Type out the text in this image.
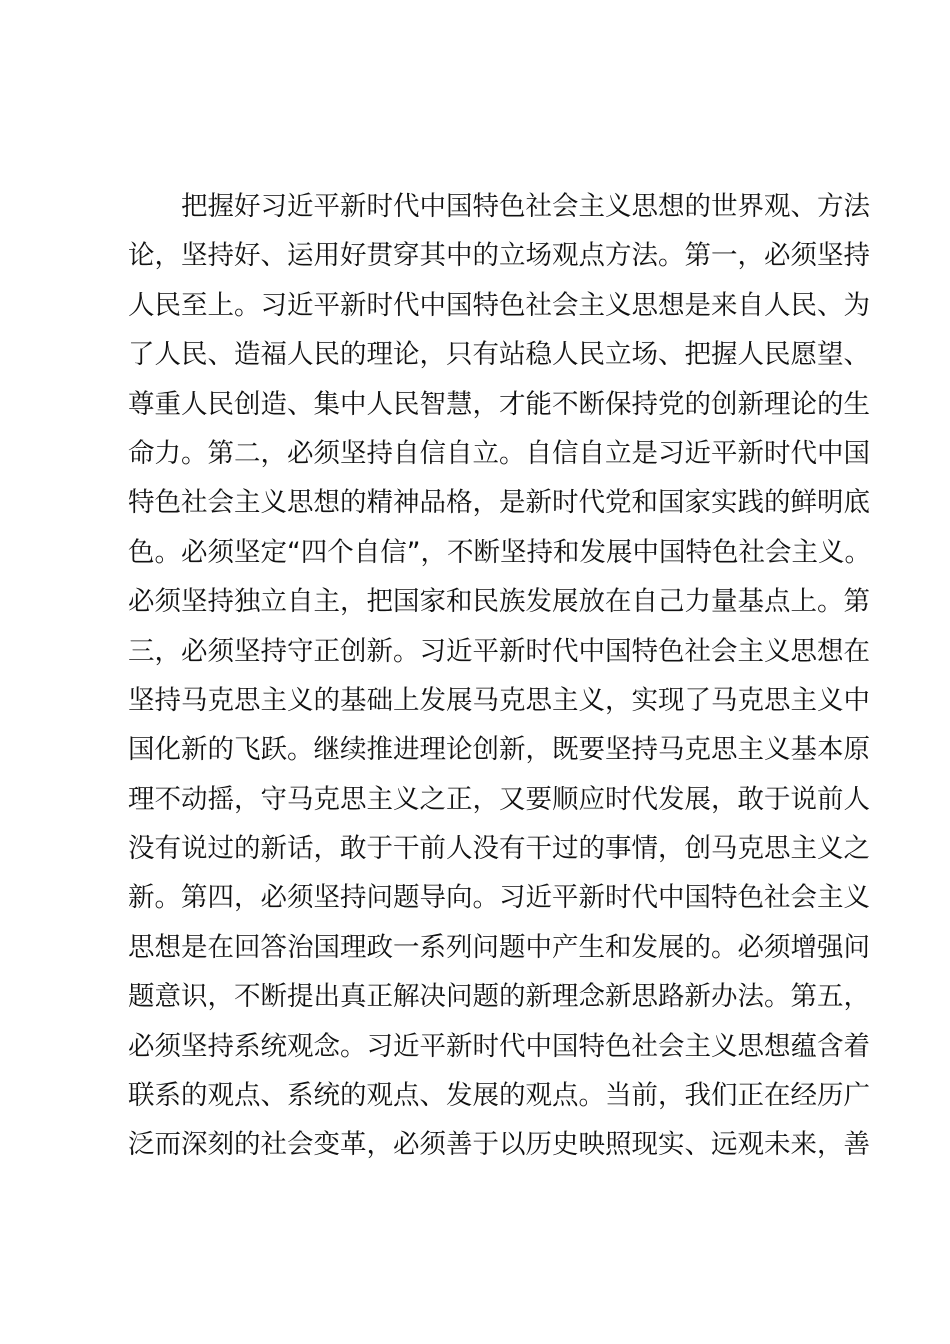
把握好习近平新时代中国特色社会主义思想的世界观、方法
论，坚持好、运用好贯穿其中的立场观点方法。第一，必须坚持
人民至上。习近平新时代中国特色社会主义思想是来自人民、为
了人民、造福人民的理论，只有站稳人民立场、把握人民愿望、
尊重人民创造、集中人民智慧，才能不断保持党的创新理论的生
命力。第二，必须坚持自信自立。自信自立是习近平新时代中国
特色社会主义思想的精神品格，是新时代党和国家实践的鲜明底
色。必须坚定“四个自信”，不断坚持和发展中国特色社会主义。
必须坚持独立自主，把国家和民族发展放在自己力量基点上。第
三，必须坚持守正创新。习近平新时代中国特色社会主义思想在
坚持马克思主义的基础上发展马克思主义，实现了马克思主义中
国化新的飞跃。继续推进理论创新，既要坚持马克思主义基本原
理不动摇，守马克思主义之正，又要顺应时代发展，敢于说前人
没有说过的新话，敢于干前人没有干过的事情，创马克思主义之
新。第四，必须坚持问题导向。习近平新时代中国特色社会主义
思想是在回答治国理政一系列问题中产生和发展的。必须增强问
题意识，不断提出真正解决问题的新理念新思路新办法。第五，
必须坚持系统观念。习近平新时代中国特色社会主义思想蕴含着
联系的观点、系统的观点、发展的观点。当前，我们正在经历广
泛而深刻的社会变革，必须善于以历史映照现实、远观未来，善
